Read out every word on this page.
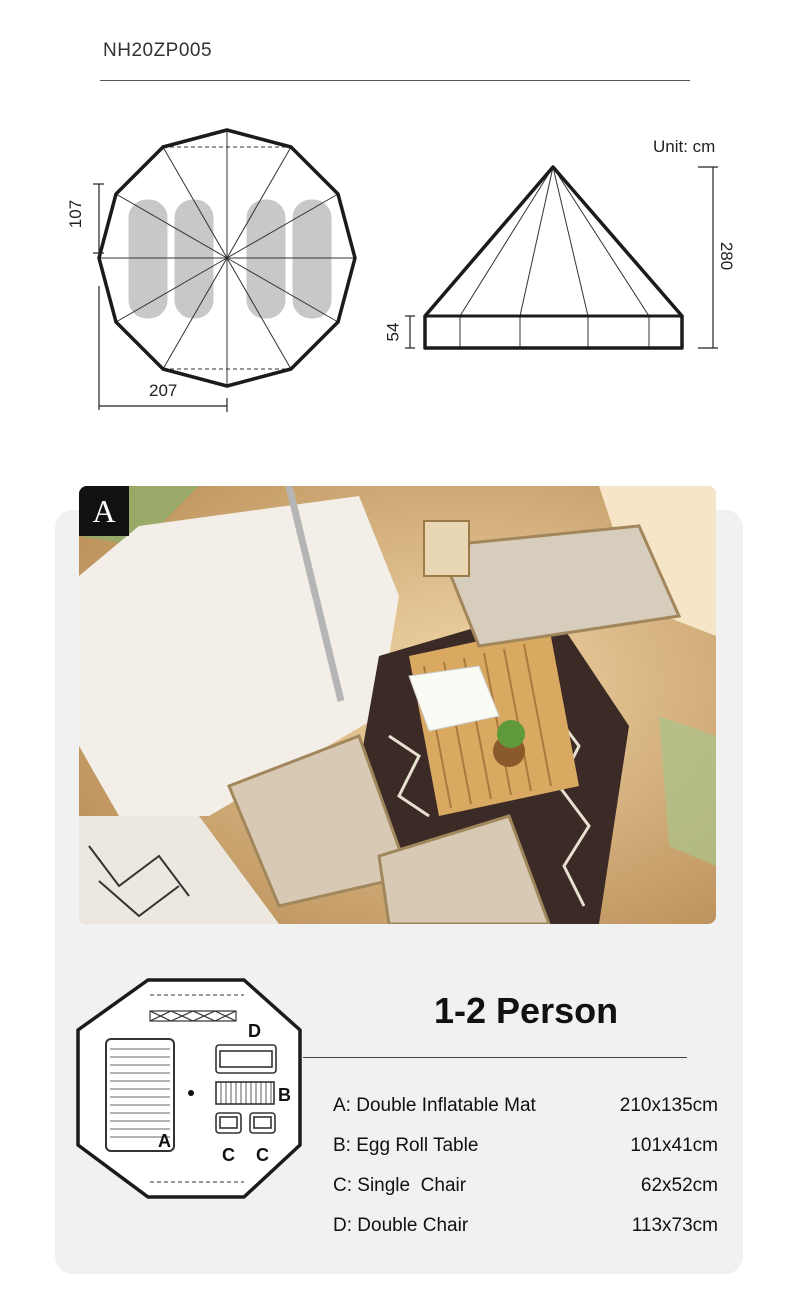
NH20ZP005
107
207
Unit: cm
280
54
A
A
D
B
C C
1-2 Person
A: Double Inflatable Mat	210x135cm
B: Egg Roll Table	101x41cm
C: Single  Chair	62x52cm
D: Double Chair	113x73cm
